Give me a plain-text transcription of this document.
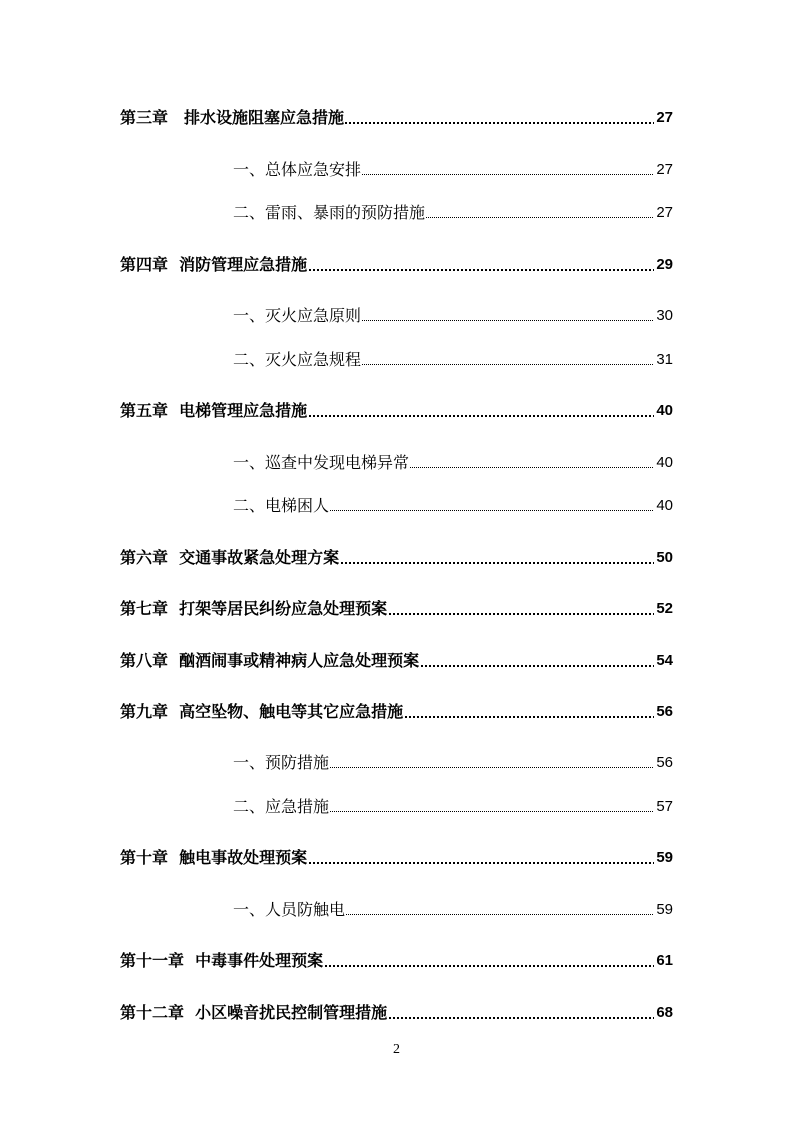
第三章　排水设施阻塞应急措施	27
一、总体应急安排	27
二、雷雨、暴雨的预防措施	27
第四章  消防管理应急措施	29
一、灭火应急原则	30
二、灭火应急规程	31
第五章  电梯管理应急措施	40
一、巡查中发现电梯异常	40
二、电梯困人	40
第六章  交通事故紧急处理方案	50
第七章  打架等居民纠纷应急处理预案	52
第八章  酗酒闹事或精神病人应急处理预案	54
第九章  高空坠物、触电等其它应急措施	56
一、预防措施	56
二、应急措施	57
第十章  触电事故处理预案	59
一、人员防触电	59
第十一章  中毒事件处理预案	61
第十二章  小区噪音扰民控制管理措施	68
2
